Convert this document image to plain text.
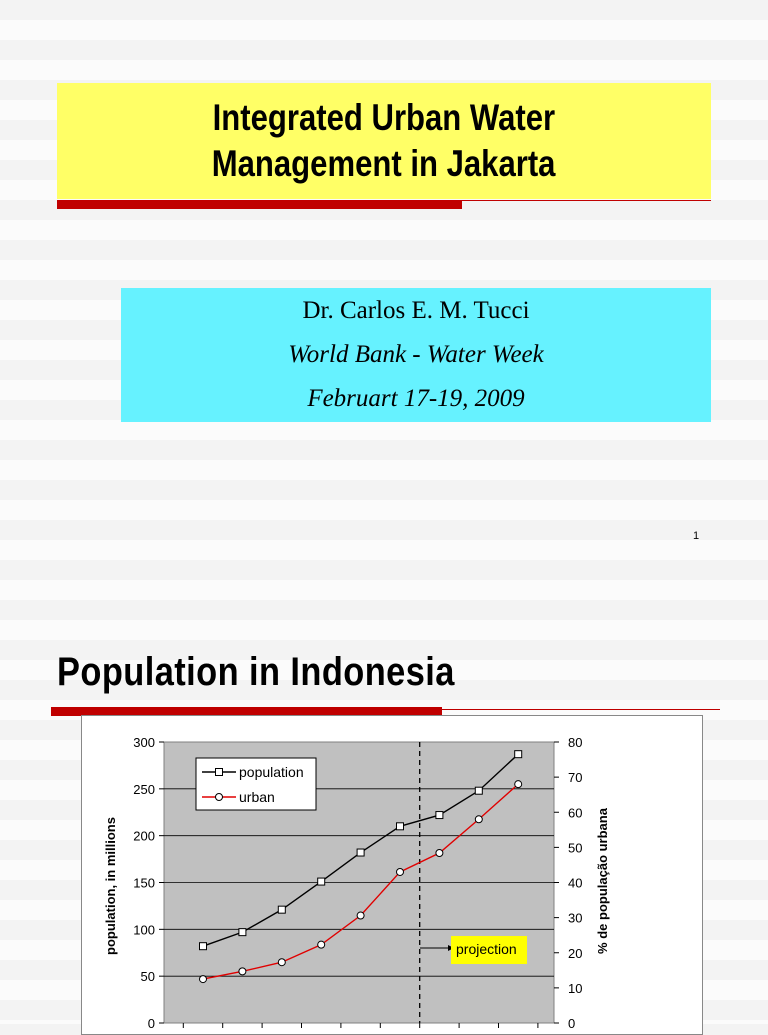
Integrated Urban Water
Management in Jakarta
Dr. Carlos E. M. Tucci
World Bank - Water Week
Februart 17-19, 2009
1
Population in Indonesia
0
50
100
150
200
250
300
0
10
20
30
40
50
60
70
80
population
urban
projection
population, in millions	% de população urbana
